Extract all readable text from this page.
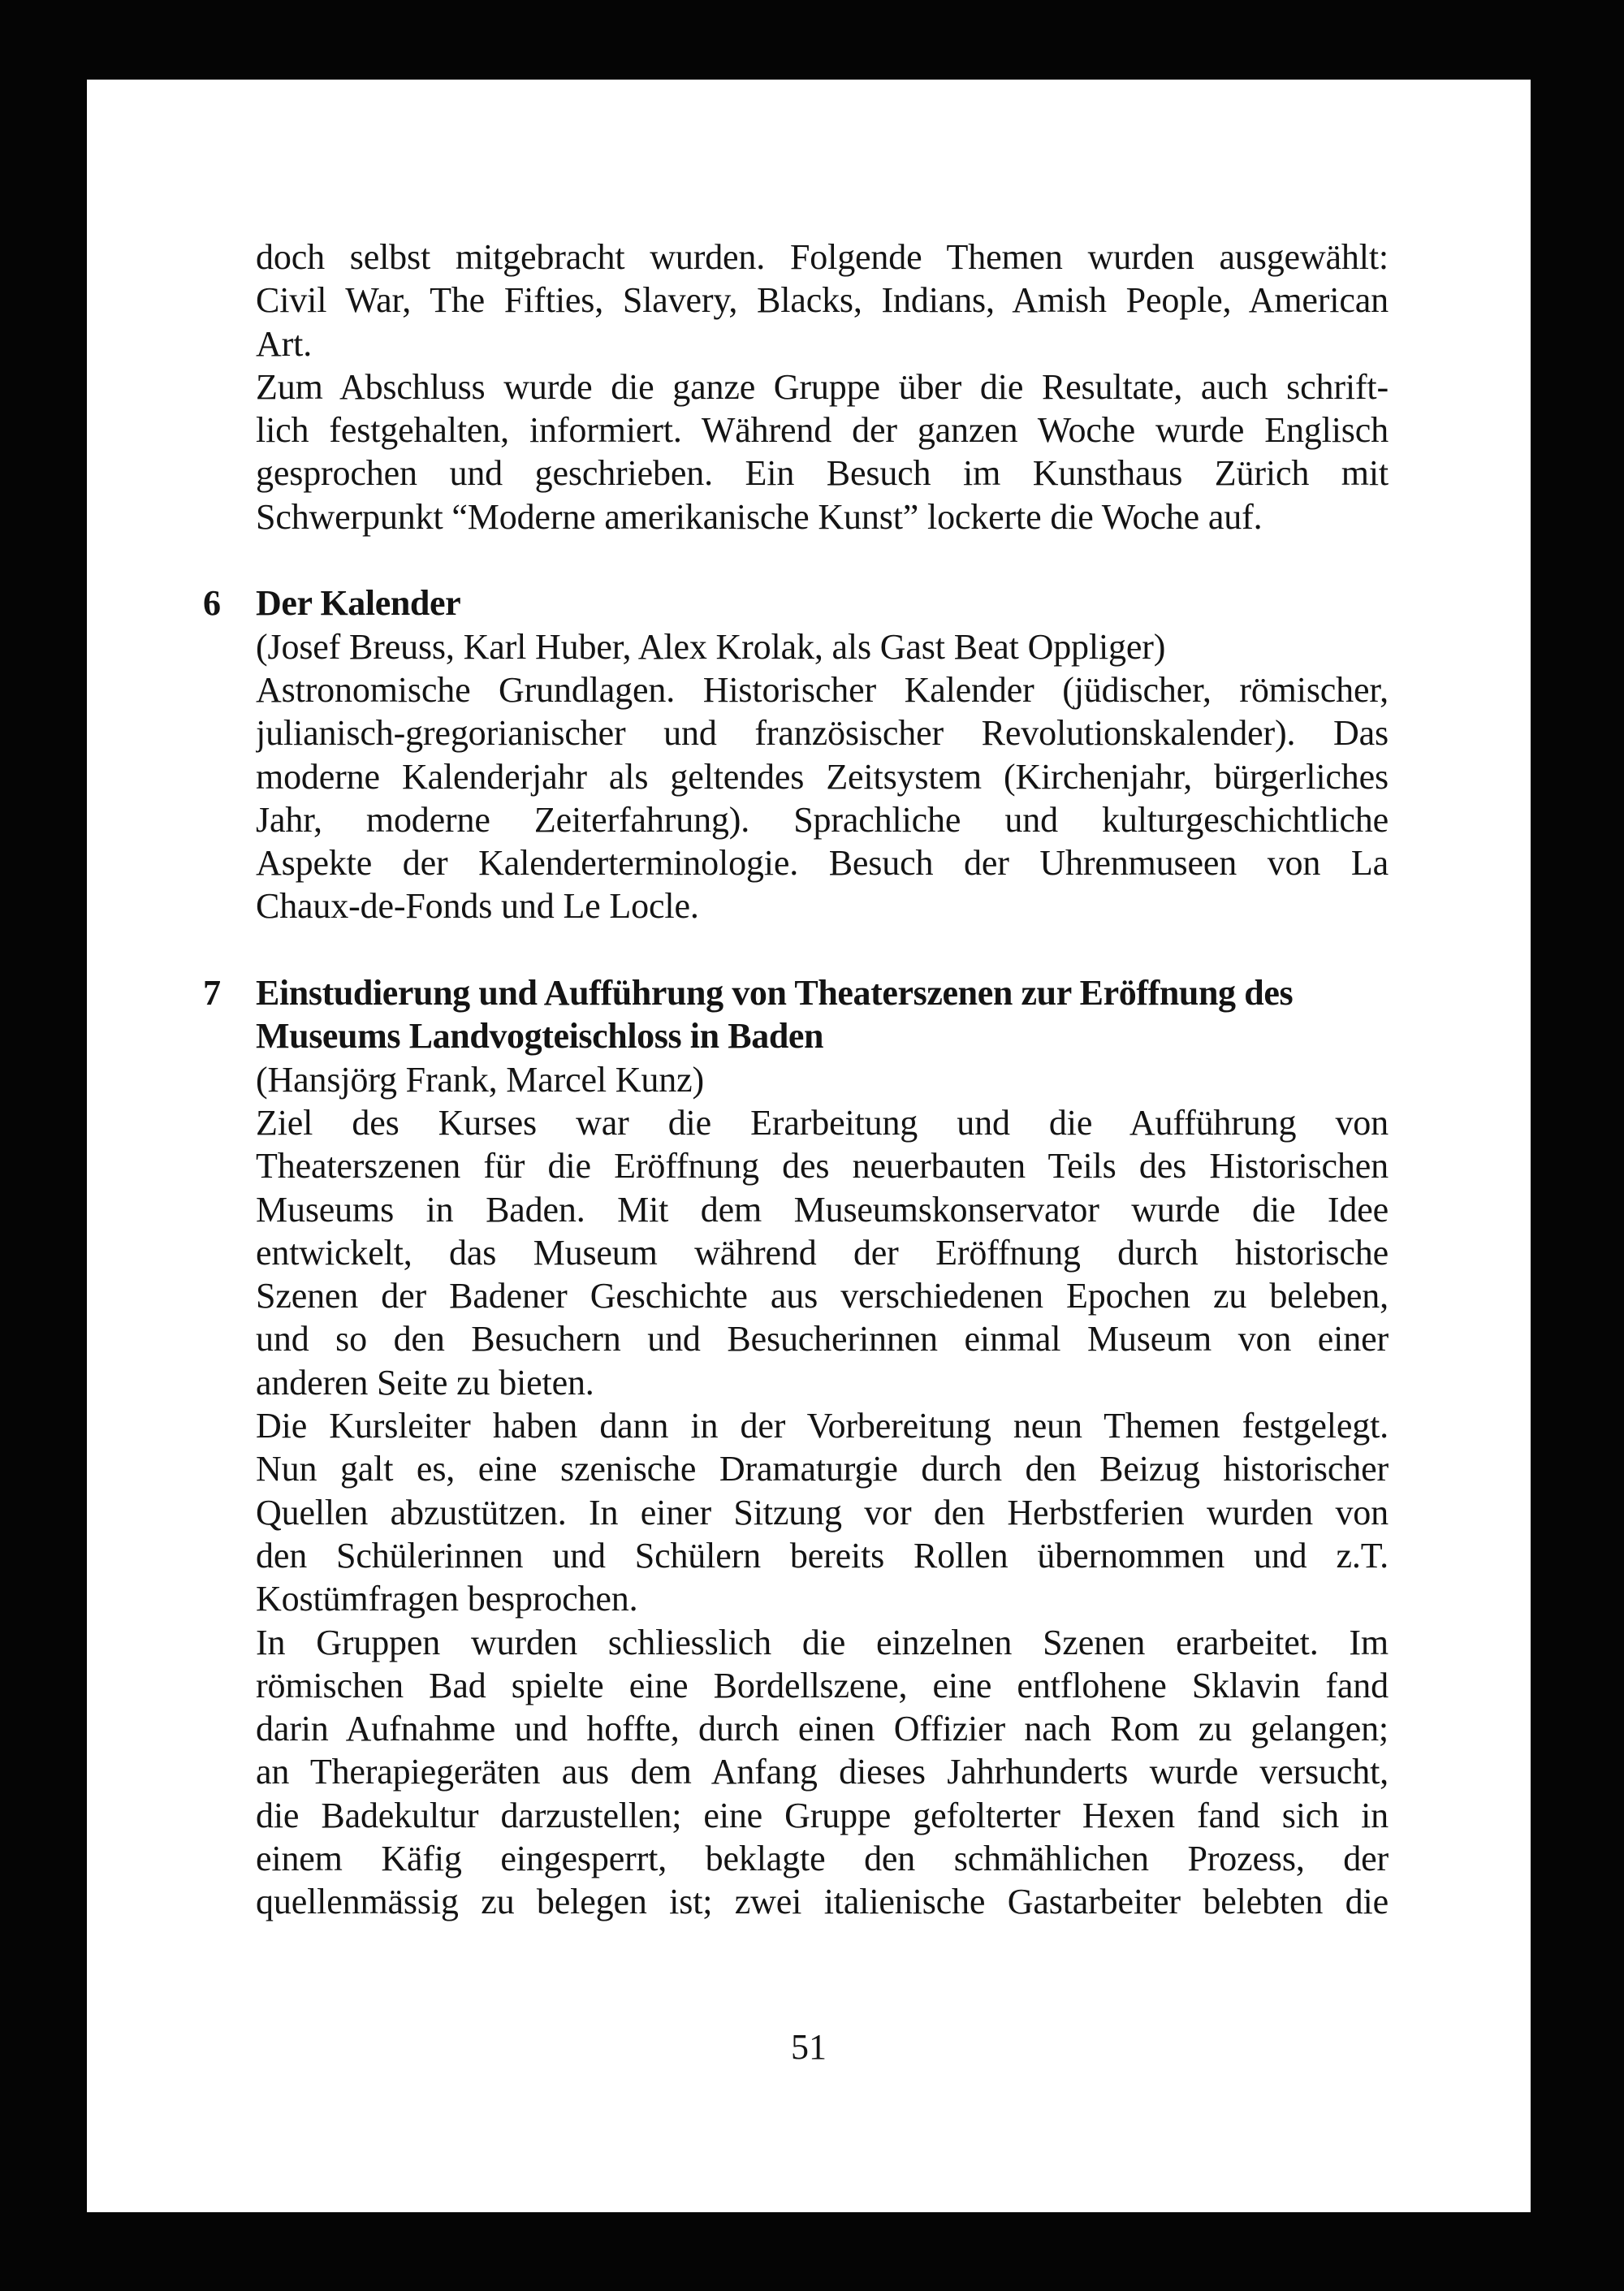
doch selbst mitgebracht wurden. Folgende Themen wurden ausgewählt:
Civil War, The Fifties, Slavery, Blacks, Indians, Amish People, American
Art.
Zum Abschluss wurde die ganze Gruppe über die Resultate, auch schrift-
lich festgehalten, informiert. Während der ganzen Woche wurde Englisch
gesprochen und geschrieben. Ein Besuch im Kunsthaus Zürich mit
Schwerpunkt “Moderne amerikanische Kunst” lockerte die Woche auf.
6 Der Kalender
(Josef Breuss, Karl Huber, Alex Krolak, als Gast Beat Oppliger)
Astronomische Grundlagen. Historischer Kalender (jüdischer, römischer,
julianisch-gregorianischer und französischer Revolutionskalender). Das
moderne Kalenderjahr als geltendes Zeitsystem (Kirchenjahr, bürgerliches
Jahr, moderne Zeiterfahrung). Sprachliche und kulturgeschichtliche
Aspekte der Kalenderterminologie. Besuch der Uhrenmuseen von La
Chaux-de-Fonds und Le Locle.
7 Einstudierung und Aufführung von Theaterszenen zur Eröffnung des
Museums Landvogteischloss in Baden
(Hansjörg Frank, Marcel Kunz)
Ziel des Kurses war die Erarbeitung und die Aufführung von
Theaterszenen für die Eröffnung des neuerbauten Teils des Historischen
Museums in Baden. Mit dem Museumskonservator wurde die Idee
entwickelt, das Museum während der Eröffnung durch historische
Szenen der Badener Geschichte aus verschiedenen Epochen zu beleben,
und so den Besuchern und Besucherinnen einmal Museum von einer
anderen Seite zu bieten.
Die Kursleiter haben dann in der Vorbereitung neun Themen festgelegt.
Nun galt es, eine szenische Dramaturgie durch den Beizug historischer
Quellen abzustützen. In einer Sitzung vor den Herbstferien wurden von
den Schülerinnen und Schülern bereits Rollen übernommen und z.T.
Kostümfragen besprochen.
In Gruppen wurden schliesslich die einzelnen Szenen erarbeitet. Im
römischen Bad spielte eine Bordellszene, eine entflohene Sklavin fand
darin Aufnahme und hoffte, durch einen Offizier nach Rom zu gelangen;
an Therapiegeräten aus dem Anfang dieses Jahrhunderts wurde versucht,
die Badekultur darzustellen; eine Gruppe gefolterter Hexen fand sich in
einem Käfig eingesperrt, beklagte den schmählichen Prozess, der
quellenmässig zu belegen ist; zwei italienische Gastarbeiter belebten die
51
